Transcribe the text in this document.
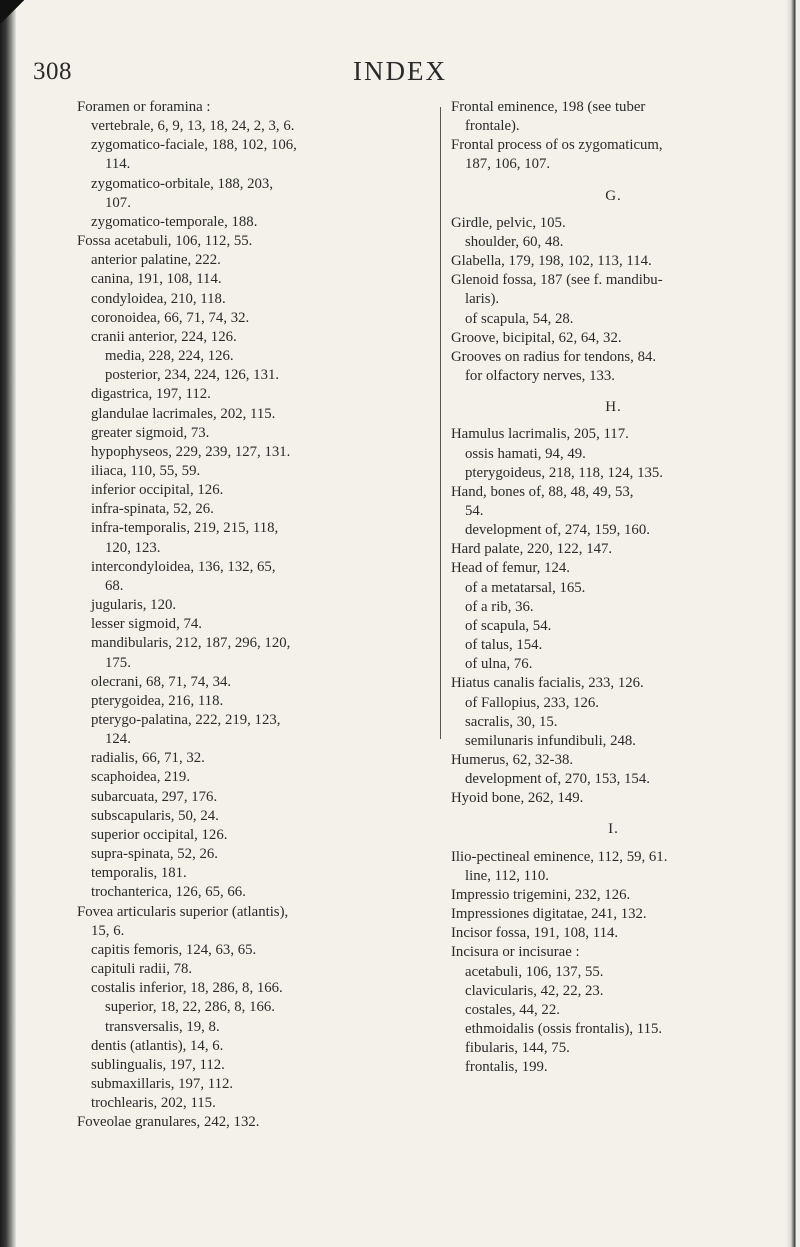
308	INDEX
Foramen or foramina :
vertebrale, 6, 9, 13, 18, 24, 2, 3, 6.
zygomatico-faciale, 188, 102, 106,
114.
zygomatico-orbitale, 188, 203,
107.
zygomatico-temporale, 188.
Fossa acetabuli, 106, 112, 55.
anterior palatine, 222.
canina, 191, 108, 114.
condyloidea, 210, 118.
coronoidea, 66, 71, 74, 32.
cranii anterior, 224, 126.
media, 228, 224, 126.
posterior, 234, 224, 126, 131.
digastrica, 197, 112.
glandulae lacrimales, 202, 115.
greater sigmoid, 73.
hypophyseos, 229, 239, 127, 131.
iliaca, 110, 55, 59.
inferior occipital, 126.
infra-spinata, 52, 26.
infra-temporalis, 219, 215, 118,
120, 123.
intercondyloidea, 136, 132, 65,
68.
jugularis, 120.
lesser sigmoid, 74.
mandibularis, 212, 187, 296, 120,
175.
olecrani, 68, 71, 74, 34.
pterygoidea, 216, 118.
pterygo-palatina, 222, 219, 123,
124.
radialis, 66, 71, 32.
scaphoidea, 219.
subarcuata, 297, 176.
subscapularis, 50, 24.
superior occipital, 126.
supra-spinata, 52, 26.
temporalis, 181.
trochanterica, 126, 65, 66.
Fovea articularis superior (atlantis),
15, 6.
capitis femoris, 124, 63, 65.
capituli radii, 78.
costalis inferior, 18, 286, 8, 166.
superior, 18, 22, 286, 8, 166.
transversalis, 19, 8.
dentis (atlantis), 14, 6.
sublingualis, 197, 112.
submaxillaris, 197, 112.
trochlearis, 202, 115.
Foveolae granulares, 242, 132.
Frontal eminence, 198 (see tuber
frontale).
Frontal process of os zygomaticum,
187, 106, 107.
G.
Girdle, pelvic, 105.
shoulder, 60, 48.
Glabella, 179, 198, 102, 113, 114.
Glenoid fossa, 187 (see f. mandibu-
laris).
of scapula, 54, 28.
Groove, bicipital, 62, 64, 32.
Grooves on radius for tendons, 84.
for olfactory nerves, 133.
H.
Hamulus lacrimalis, 205, 117.
ossis hamati, 94, 49.
pterygoideus, 218, 118, 124, 135.
Hand, bones of, 88, 48, 49, 53,
54.
development of, 274, 159, 160.
Hard palate, 220, 122, 147.
Head of femur, 124.
of a metatarsal, 165.
of a rib, 36.
of scapula, 54.
of talus, 154.
of ulna, 76.
Hiatus canalis facialis, 233, 126.
of Fallopius, 233, 126.
sacralis, 30, 15.
semilunaris infundibuli, 248.
Humerus, 62, 32-38.
development of, 270, 153, 154.
Hyoid bone, 262, 149.
I.
Ilio-pectineal eminence, 112, 59, 61.
line, 112, 110.
Impressio trigemini, 232, 126.
Impressiones digitatae, 241, 132.
Incisor fossa, 191, 108, 114.
Incisura or incisurae :
acetabuli, 106, 137, 55.
clavicularis, 42, 22, 23.
costales, 44, 22.
ethmoidalis (ossis frontalis), 115.
fibularis, 144, 75.
frontalis, 199.
